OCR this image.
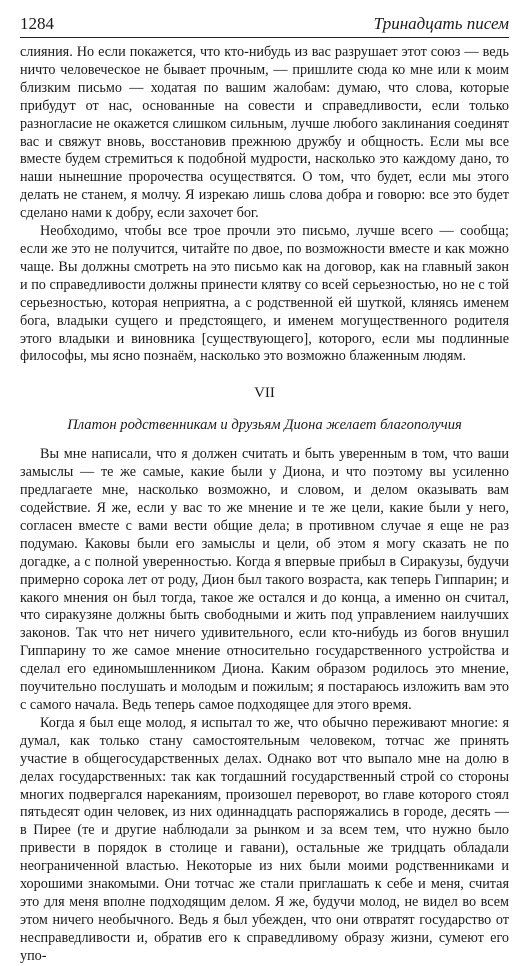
1284	Тринадцать писем

слияния. Но если покажется, что кто-нибудь из вас разрушает этот союз — ведь ничто человеческое не бывает прочным, — пришлите сюда ко мне или к моим близким письмо — ходатая по вашим жалобам: думаю, что слова, которые прибудут от нас, основанные на совести и справедливости, если только разногласие не окажется слишком сильным, лучше любого заклинания соединят вас и свяжут вновь, восстановив прежнюю дружбу и общность. Если мы все вместе будем стремиться к подобной мудрости, насколько это каждому дано, то наши нынешние пророчества осуществятся. О том, что будет, если мы этого делать не станем, я молчу. Я изрекаю лишь слова добра и говорю: все это будет сделано нами к добру, если захочет бог.

Необходимо, чтобы все трое прочли это письмо, лучше всего — сообща; если же это не получится, читайте по двое, по возможности вместе и как можно чаще. Вы должны смотреть на это письмо как на договор, как на главный закон и по справедливости должны принести клятву со всей серьезностью, но не с той серьезностью, которая неприятна, а с родственной ей шуткой, клянясь именем бога, владыки сущего и предстоящего, и именем могущественного родителя этого владыки и виновника [существующего], которого, если мы подлинные философы, мы ясно познаём, насколько это возможно блаженным людям.

VII
Платон родственникам и друзьям Диона желает благополучия

Вы мне написали, что я должен считать и быть уверенным в том, что ваши замыслы — те же самые, какие были у Диона, и что поэтому вы усиленно предлагаете мне, насколько возможно, и словом, и делом оказывать вам содействие. Я же, если у вас то же мнение и те же цели, какие были у него, согласен вместе с вами вести общие дела; в противном случае я еще не раз подумаю. Каковы были его замыслы и цели, об этом я могу сказать не по догадке, а с полной уверенностью. Когда я впервые прибыл в Сиракузы, будучи примерно сорока лет от роду, Дион был такого возраста, как теперь Гиппарин; и какого мнения он был тогда, такое же остался и до конца, а именно он считал, что сиракузяне должны быть свободными и жить под управлением наилучших законов. Так что нет ничего удивительного, если кто-нибудь из богов внушил Гиппарину то же самое мнение относительно государственного устройства и сделал его единомышленником Диона. Каким образом родилось это мнение, поучительно послушать и молодым и пожилым; я постараюсь изложить вам это с самого начала. Ведь теперь самое подходящее для этого время.

Когда я был еще молод, я испытал то же, что обычно переживают многие: я думал, как только стану самостоятельным человеком, тотчас же принять участие в общегосударственных делах. Однако вот что выпало мне на долю в делах государственных: так как тогдашний государственный строй со стороны многих подвергался нареканиям, произошел переворот, во главе которого стоял пятьдесят один человек, из них одиннадцать распоряжались в городе, десять — в Пирее (те и другие наблюдали за рынком и за всем тем, что нужно было привести в порядок в столице и гавани), остальные же тридцать обладали неограниченной властью. Некоторые из них были моими родственниками и хорошими знакомыми. Они тотчас же стали приглашать к себе и меня, считая это для меня вполне подходящим делом. Я же, будучи молод, не видел во всем этом ничего необычного. Ведь я был убежден, что они отвратят государство от несправедливости и, обратив его к справедливому образу жизни, сумеют его упо-
